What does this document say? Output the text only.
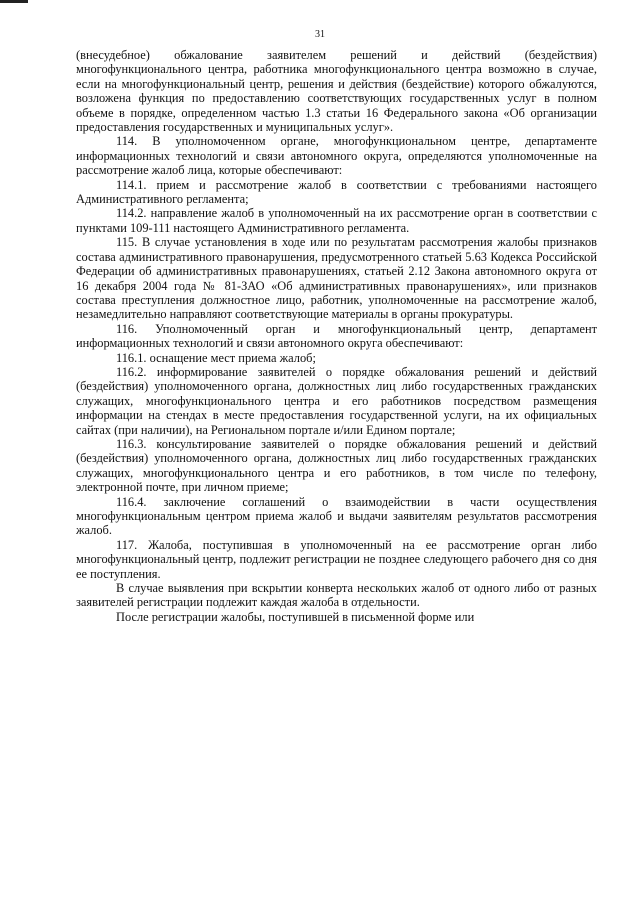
31

(внесудебное) обжалование заявителем решений и действий (бездействия) многофункционального центра, работника многофункционального центра возможно в случае, если на многофункциональный центр, решения и действия (бездействие) которого обжалуются, возложена функция по предоставлению соответствующих государственных услуг в полном объеме в порядке, определенном частью 1.3 статьи 16 Федерального закона «Об организации предоставления государственных и муниципальных услуг».

114. В уполномоченном органе, многофункциональном центре, департаменте информационных технологий и связи автономного округа, определяются уполномоченные на рассмотрение жалоб лица, которые обеспечивают:

114.1. прием и рассмотрение жалоб в соответствии с требованиями настоящего Административного регламента;

114.2. направление жалоб в уполномоченный на их рассмотрение орган в соответствии с пунктами 109-111 настоящего Административного регламента.

115. В случае установления в ходе или по результатам рассмотрения жалобы признаков состава административного правонарушения, предусмотренного статьей 5.63 Кодекса Российской Федерации об административных правонарушениях, статьей 2.12 Закона автономного округа от 16 декабря 2004 года № 81-ЗАО «Об административных правонарушениях», или признаков состава преступления должностное лицо, работник, уполномоченные на рассмотрение жалоб, незамедлительно направляют соответствующие материалы в органы прокуратуры.

116. Уполномоченный орган и многофункциональный центр, департамент информационных технологий и связи автономного округа обеспечивают:

116.1. оснащение мест приема жалоб;

116.2. информирование заявителей о порядке обжалования решений и действий (бездействия) уполномоченного органа, должностных лиц либо государственных гражданских служащих, многофункционального центра и его работников посредством размещения информации на стендах в месте предоставления государственной услуги, на их официальных сайтах (при наличии), на Региональном портале и/или Едином портале;

116.3. консультирование заявителей о порядке обжалования решений и действий (бездействия) уполномоченного органа, должностных лиц либо государственных гражданских служащих, многофункционального центра и его работников, в том числе по телефону, электронной почте, при личном приеме;

116.4. заключение соглашений о взаимодействии в части осуществления многофункциональным центром приема жалоб и выдачи заявителям результатов рассмотрения жалоб.

117. Жалоба, поступившая в уполномоченный на ее рассмотрение орган либо многофункциональный центр, подлежит регистрации не позднее следующего рабочего дня со дня ее поступления.

В случае выявления при вскрытии конверта нескольких жалоб от одного либо от разных заявителей регистрации подлежит каждая жалоба в отдельности.

После регистрации жалобы, поступившей в письменной форме или
